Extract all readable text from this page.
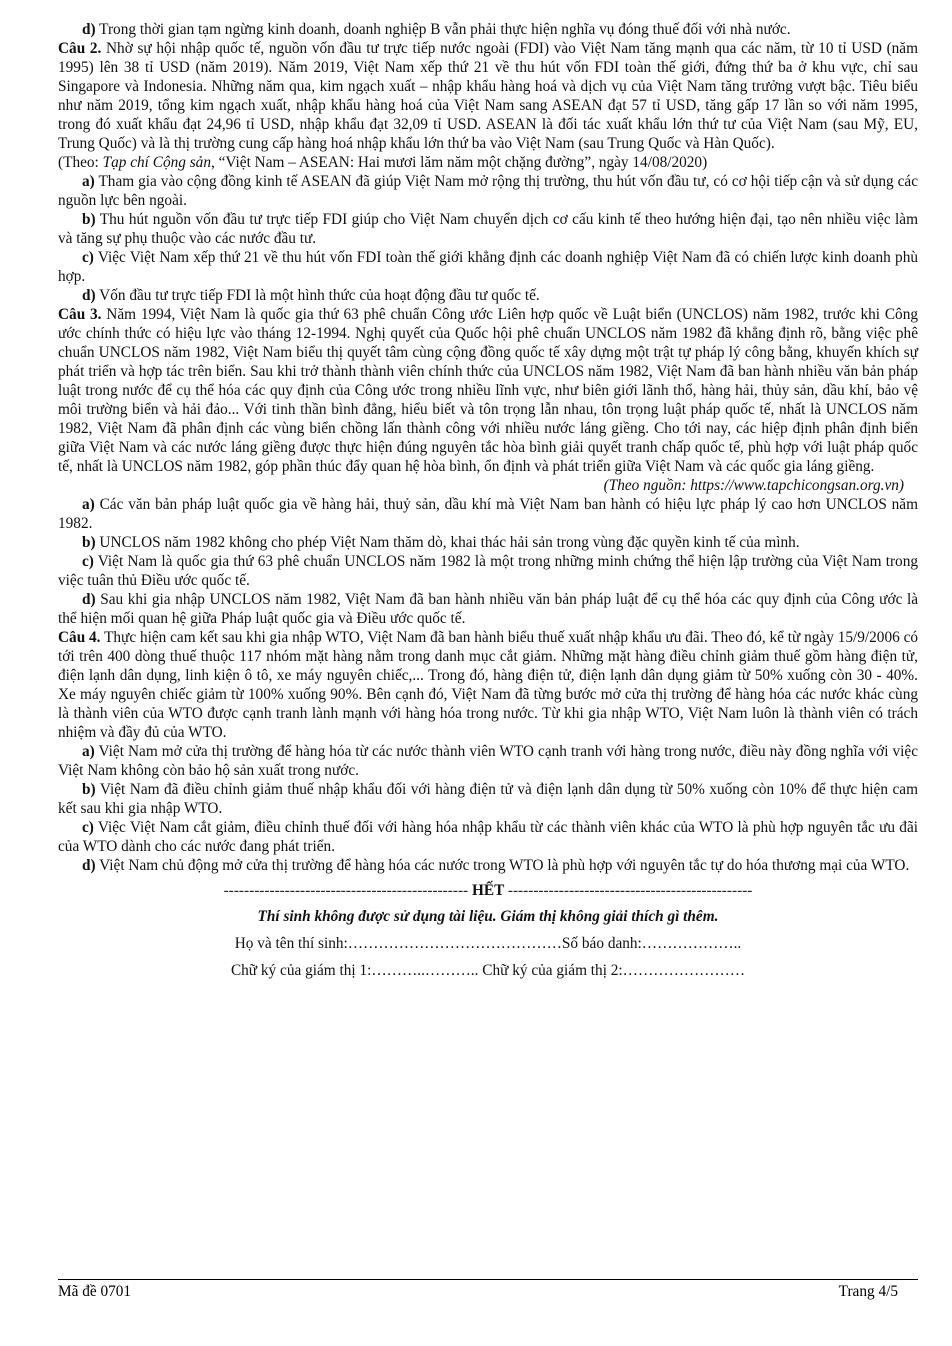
d) Trong thời gian tạm ngừng kinh doanh, doanh nghiệp B vẫn phải thực hiện nghĩa vụ đóng thuế đối với nhà nước.

Câu 2. Nhờ sự hội nhập quốc tế, nguồn vốn đầu tư trực tiếp nước ngoài (FDI) vào Việt Nam tăng mạnh qua các năm, từ 10 tỉ USD (năm 1995) lên 38 tỉ USD (năm 2019). Năm 2019, Việt Nam xếp thứ 21 về thu hút vốn FDI toàn thế giới, đứng thứ ba ở khu vực, chỉ sau Singapore và Indonesia. Những năm qua, kim ngạch xuất – nhập khẩu hàng hoá và dịch vụ của Việt Nam tăng trưởng vượt bậc. Tiêu biểu như năm 2019, tổng kim ngạch xuất, nhập khẩu hàng hoá của Việt Nam sang ASEAN đạt 57 tỉ USD, tăng gấp 17 lần so với năm 1995, trong đó xuất khẩu đạt 24,96 tỉ USD, nhập khẩu đạt 32,09 tỉ USD. ASEAN là đối tác xuất khẩu lớn thứ tư của Việt Nam (sau Mỹ, EU, Trung Quốc) và là thị trường cung cấp hàng hoá nhập khẩu lớn thứ ba vào Việt Nam (sau Trung Quốc và Hàn Quốc).

(Theo: Tạp chí Cộng sản, “Việt Nam – ASEAN: Hai mươi lăm năm một chặng đường”, ngày 14/08/2020)

a) Tham gia vào cộng đồng kinh tế ASEAN đã giúp Việt Nam mở rộng thị trường, thu hút vốn đầu tư, có cơ hội tiếp cận và sử dụng các nguồn lực bên ngoài.

b) Thu hút nguồn vốn đầu tư trực tiếp FDI giúp cho Việt Nam chuyển dịch cơ cấu kinh tế theo hướng hiện đại, tạo nên nhiều việc làm và tăng sự phụ thuộc vào các nước đầu tư.

c) Việc Việt Nam xếp thứ 21 về thu hút vốn FDI toàn thế giới khẳng định các doanh nghiệp Việt Nam đã có chiến lược kinh doanh phù hợp.

d) Vốn đầu tư trực tiếp FDI là một hình thức của hoạt động đầu tư quốc tế.

Câu 3. Năm 1994, Việt Nam là quốc gia thứ 63 phê chuẩn Công ước Liên hợp quốc về Luật biển (UNCLOS) năm 1982, trước khi Công ước chính thức có hiệu lực vào tháng 12-1994. Nghị quyết của Quốc hội phê chuẩn UNCLOS năm 1982 đã khẳng định rõ, bằng việc phê chuẩn UNCLOS năm 1982, Việt Nam biểu thị quyết tâm cùng cộng đồng quốc tế xây dựng một trật tự pháp lý công bằng, khuyến khích sự phát triển và hợp tác trên biển. Sau khi trở thành thành viên chính thức của UNCLOS năm 1982, Việt Nam đã ban hành nhiều văn bản pháp luật trong nước để cụ thể hóa các quy định của Công ước trong nhiều lĩnh vực, như biên giới lãnh thổ, hàng hải, thủy sản, dầu khí, bảo vệ môi trường biển và hải đảo... Với tinh thần bình đẳng, hiểu biết và tôn trọng lẫn nhau, tôn trọng luật pháp quốc tế, nhất là UNCLOS năm 1982, Việt Nam đã phân định các vùng biển chồng lấn thành công với nhiều nước láng giềng. Cho tới nay, các hiệp định phân định biển giữa Việt Nam và các nước láng giềng được thực hiện đúng nguyên tắc hòa bình giải quyết tranh chấp quốc tế, phù hợp với luật pháp quốc tế, nhất là UNCLOS năm 1982, góp phần thúc đẩy quan hệ hòa bình, ổn định và phát triển giữa Việt Nam và các quốc gia láng giềng.

(Theo nguồn: https://www.tapchicongsan.org.vn)

a) Các văn bản pháp luật quốc gia về hàng hải, thuỷ sản, dầu khí mà Việt Nam ban hành có hiệu lực pháp lý cao hơn UNCLOS năm 1982.

b) UNCLOS năm 1982 không cho phép Việt Nam thăm dò, khai thác hải sản trong vùng đặc quyền kinh tế của mình.

c) Việt Nam là quốc gia thứ 63 phê chuẩn UNCLOS năm 1982 là một trong những minh chứng thể hiện lập trường của Việt Nam trong việc tuân thủ Điều ước quốc tế.

d) Sau khi gia nhập UNCLOS năm 1982, Việt Nam đã ban hành nhiều văn bản pháp luật để cụ thể hóa các quy định của Công ước là thể hiện mối quan hệ giữa Pháp luật quốc gia và Điều ước quốc tế.

Câu 4. Thực hiện cam kết sau khi gia nhập WTO, Việt Nam đã ban hành biểu thuế xuất nhập khẩu ưu đãi. Theo đó, kể từ ngày 15/9/2006 có tới trên 400 dòng thuế thuộc 117 nhóm mặt hàng nằm trong danh mục cắt giảm. Những mặt hàng điều chỉnh giảm thuế gồm hàng điện tử, điện lạnh dân dụng, linh kiện ô tô, xe máy nguyên chiếc,... Trong đó, hàng điện tử, điện lạnh dân dụng giảm từ 50% xuống còn 30 - 40%. Xe máy nguyên chiếc giảm từ 100% xuống 90%. Bên cạnh đó, Việt Nam đã từng bước mở cửa thị trường để hàng hóa các nước khác cùng là thành viên của WTO được cạnh tranh lành mạnh với hàng hóa trong nước. Từ khi gia nhập WTO, Việt Nam luôn là thành viên có trách nhiệm và đầy đủ của WTO.

a) Việt Nam mở cửa thị trường để hàng hóa từ các nước thành viên WTO cạnh tranh với hàng trong nước, điều này đồng nghĩa với việc Việt Nam không còn bảo hộ sản xuất trong nước.

b) Việt Nam đã điều chỉnh giảm thuế nhập khẩu đối với hàng điện tử và điện lạnh dân dụng từ 50% xuống còn 10% để thực hiện cam kết sau khi gia nhập WTO.

c) Việc Việt Nam cắt giảm, điều chỉnh thuế đối với hàng hóa nhập khẩu từ các thành viên khác của WTO là phù hợp nguyên tắc ưu đãi của WTO dành cho các nước đang phát triển.

d) Việt Nam chủ động mở cửa thị trường để hàng hóa các nước trong WTO là phù hợp với nguyên tắc tự do hóa thương mại của WTO.

------------------------------------------------ HẾT ------------------------------------------------

Thí sinh không được sử dụng tài liệu. Giám thị không giải thích gì thêm.

Họ và tên thí sinh:……………………………………Số báo danh:………………..

Chữ ký của giám thị 1:………..……….. Chữ ký của giám thị 2:……………………

Mã đề 0701	Trang 4/5
